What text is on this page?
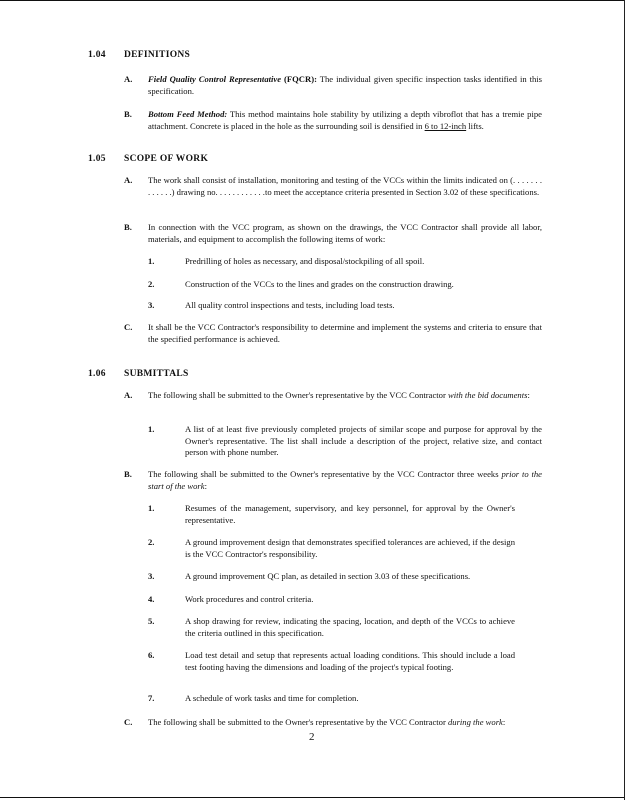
1.04 DEFINITIONS
A. Field Quality Control Representative (FQCR): The individual given specific inspection tasks identified in this specification.
B. Bottom Feed Method: This method maintains hole stability by utilizing a depth vibroflot that has a tremie pipe attachment. Concrete is placed in the hole as the surrounding soil is densified in 6 to 12-inch lifts.
1.05 SCOPE OF WORK
A. The work shall consist of installation, monitoring and testing of the VCCs within the limits indicated on (. . . . . . . . . . . . .) drawing no. . . . . . . . . . . .to meet the acceptance criteria presented in Section 3.02 of these specifications.
B. In connection with the VCC program, as shown on the drawings, the VCC Contractor shall provide all labor, materials, and equipment to accomplish the following items of work:
1.	Predrilling of holes as necessary, and disposal/stockpiling of all spoil.
2.	Construction of the VCCs to the lines and grades on the construction drawing.
3.	All quality control inspections and tests, including load tests.
C. It shall be the VCC Contractor's responsibility to determine and implement the systems and criteria to ensure that the specified performance is achieved.
1.06 SUBMITTALS
A. The following shall be submitted to the Owner's representative by the VCC Contractor with the bid documents:
1.	A list of at least five previously completed projects of similar scope and purpose for approval by the Owner's representative. The list shall include a description of the project, relative size, and contact person with phone number.
B. The following shall be submitted to the Owner's representative by the VCC Contractor three weeks prior to the start of the work:
1.	Resumes of the management, supervisory, and key personnel, for approval by the Owner's representative.
2.	A ground improvement design that demonstrates specified tolerances are achieved, if the design is the VCC Contractor's responsibility.
3.	A ground improvement QC plan, as detailed in section 3.03 of these specifications.
4.	Work procedures and control criteria.
5.	A shop drawing for review, indicating the spacing, location, and depth of the VCCs to achieve the criteria outlined in this specification.
6.	Load test detail and setup that represents actual loading conditions. This should include a load test footing having the dimensions and loading of the project's typical footing.
7.	A schedule of work tasks and time for completion.
C. The following shall be submitted to the Owner's representative by the VCC Contractor during the work:
2
